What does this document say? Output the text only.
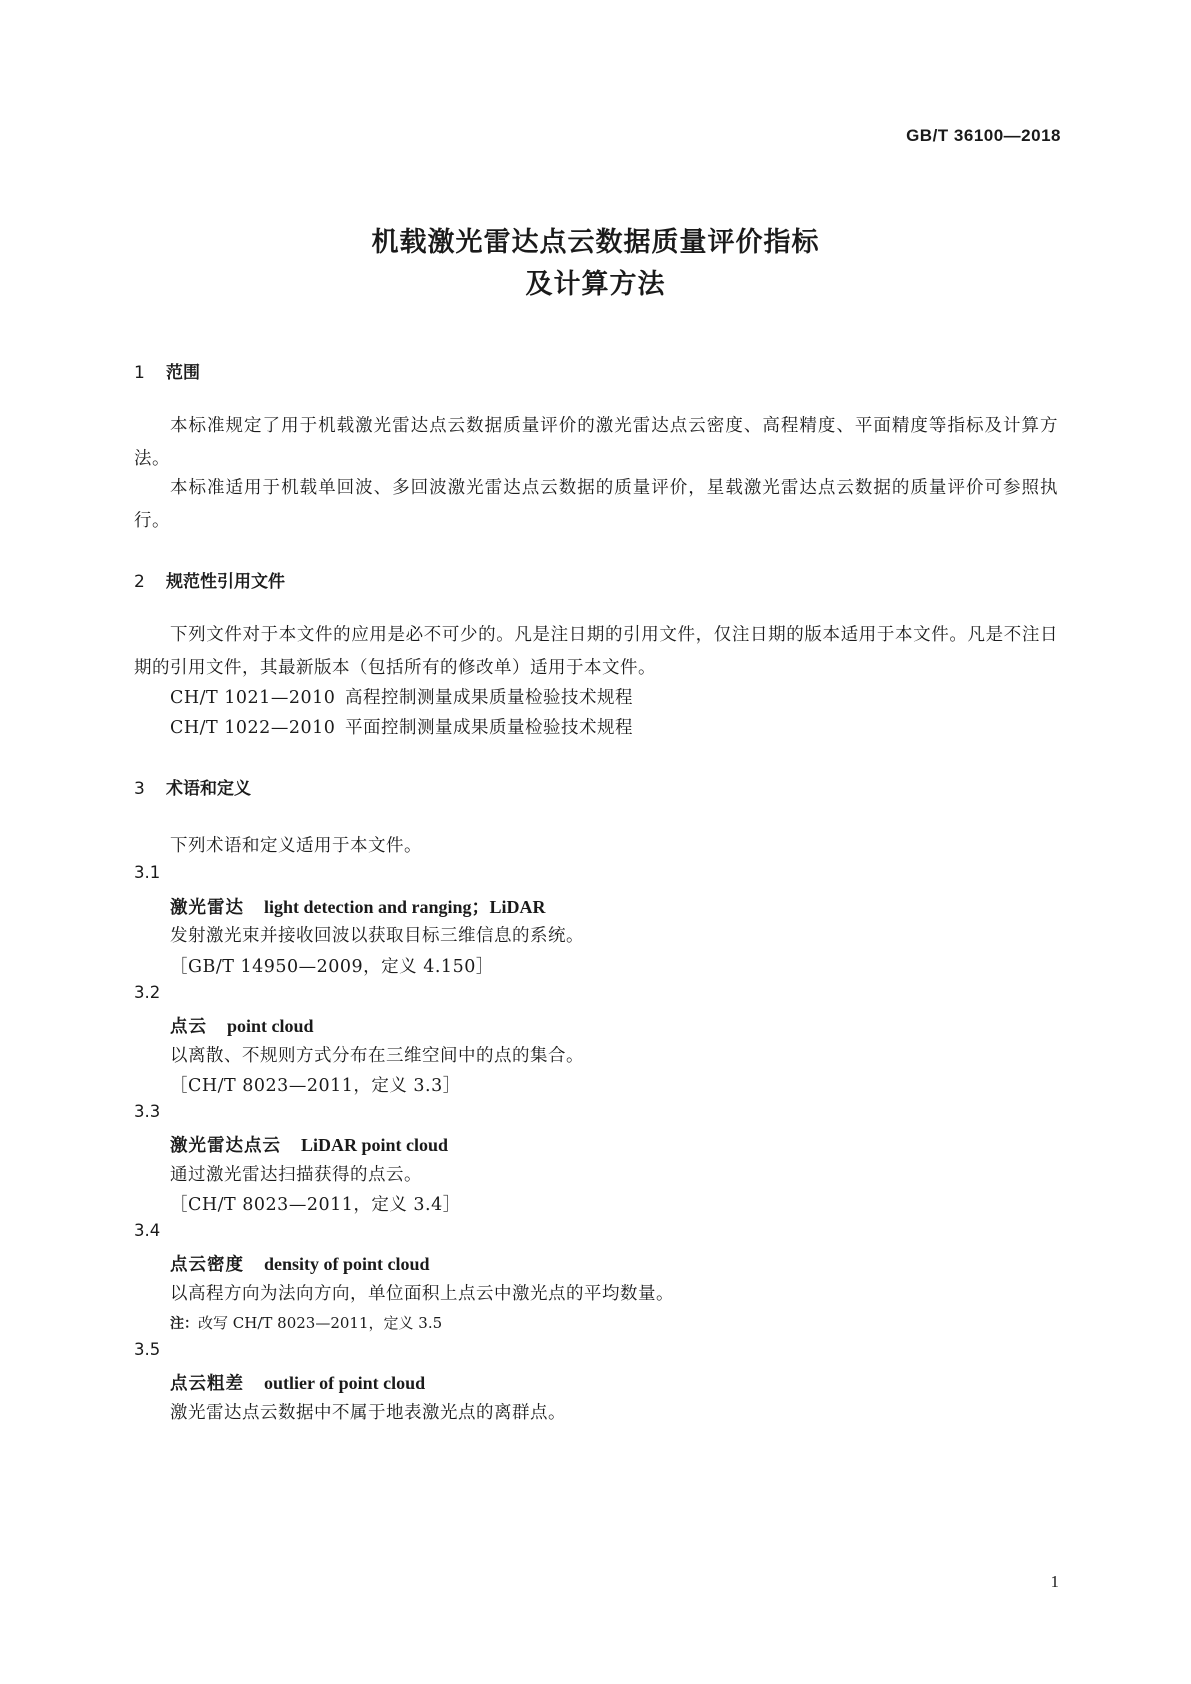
GB/T 36100—2018
机载激光雷达点云数据质量评价指标
及计算方法
1 范围
本标准规定了用于机载激光雷达点云数据质量评价的激光雷达点云密度、高程精度、平面精度等指标及计算方法。
本标准适用于机载单回波、多回波激光雷达点云数据的质量评价，星载激光雷达点云数据的质量评价可参照执行。
2 规范性引用文件
下列文件对于本文件的应用是必不可少的。凡是注日期的引用文件，仅注日期的版本适用于本文件。凡是不注日期的引用文件，其最新版本（包括所有的修改单）适用于本文件。
CH/T 1021—2010 高程控制测量成果质量检验技术规程
CH/T 1022—2010 平面控制测量成果质量检验技术规程
3 术语和定义
下列术语和定义适用于本文件。
3.1
激光雷达 light detection and ranging；LiDAR
发射激光束并接收回波以获取目标三维信息的系统。
［GB/T 14950—2009，定义 4.150］
3.2
点云 point cloud
以离散、不规则方式分布在三维空间中的点的集合。
［CH/T 8023—2011，定义 3.3］
3.3
激光雷达点云 LiDAR point cloud
通过激光雷达扫描获得的点云。
［CH/T 8023—2011，定义 3.4］
3.4
点云密度 density of point cloud
以高程方向为法向方向，单位面积上点云中激光点的平均数量。
注：改写 CH/T 8023—2011，定义 3.5
3.5
点云粗差 outlier of point cloud
激光雷达点云数据中不属于地表激光点的离群点。
1
